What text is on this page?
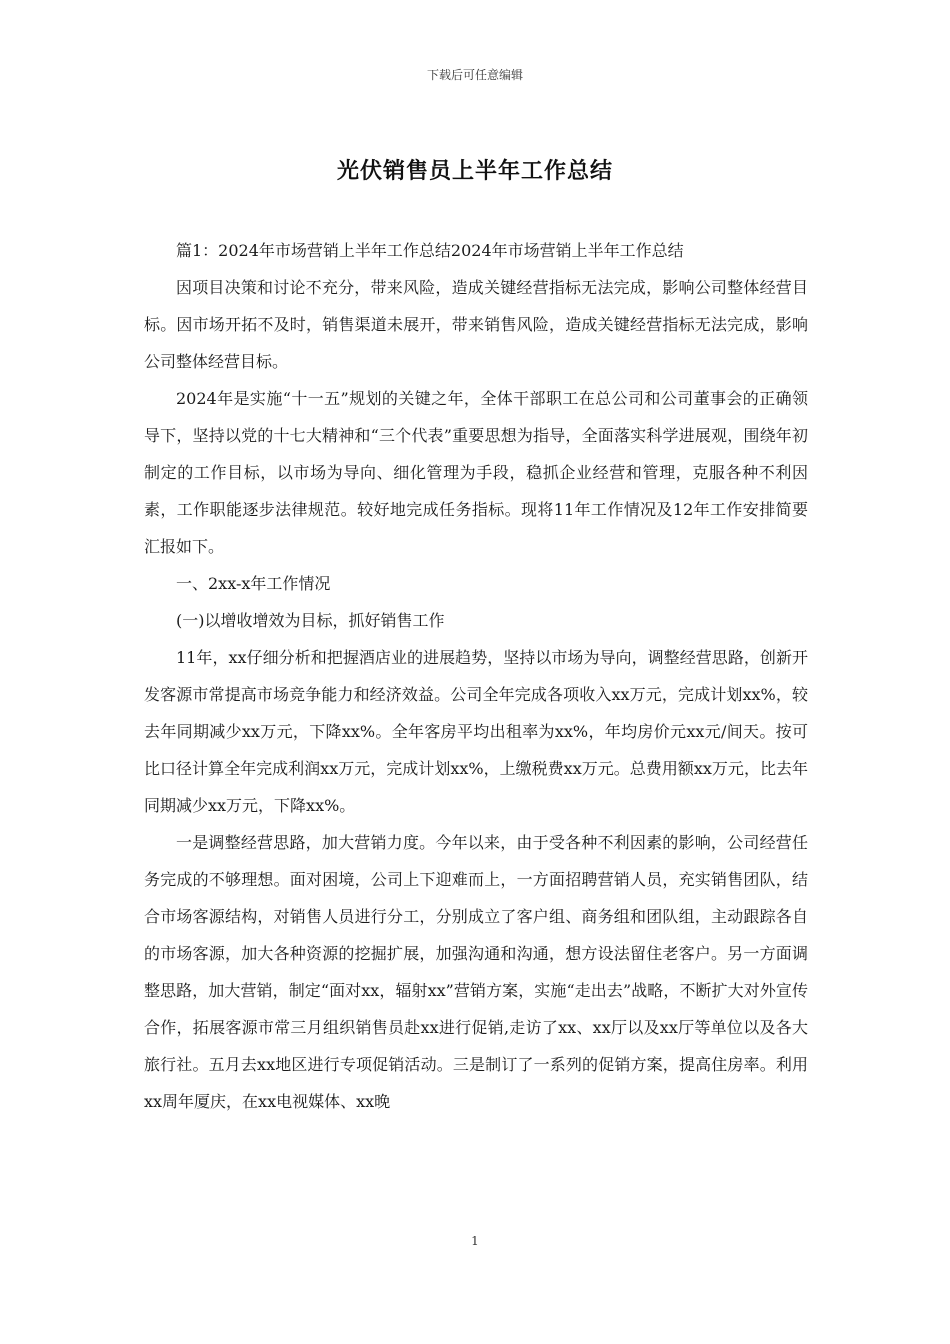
下载后可任意编辑
光伏销售员上半年工作总结

篇1：2024年市场营销上半年工作总结2024年市场营销上半年工作总结

因项目决策和讨论不充分，带来风险，造成关键经营指标无法完成，影响公司整体经营目标。因市场开拓不及时，销售渠道未展开，带来销售风险，造成关键经营指标无法完成，影响公司整体经营目标。

2024年是实施“十一五”规划的关键之年，全体干部职工在总公司和公司董事会的正确领导下，坚持以党的十七大精神和“三个代表”重要思想为指导，全面落实科学进展观，围绕年初制定的工作目标，以市场为导向、细化管理为手段，稳抓企业经营和管理，克服各种不利因素，工作职能逐步法律规范。较好地完成任务指标。现将11年工作情况及12年工作安排简要汇报如下。

一、2xx-x年工作情况

(一)以增收增效为目标，抓好销售工作

11年，xx仔细分析和把握酒店业的进展趋势，坚持以市场为导向，调整经营思路，创新开发客源市常提高市场竞争能力和经济效益。公司全年完成各项收入xx万元，完成计划xx%，较去年同期减少xx万元，下降xx%。全年客房平均出租率为xx%，年均房价元xx元/间天。按可比口径计算全年完成利润xx万元，完成计划xx%，上缴税费xx万元。总费用额xx万元，比去年同期减少xx万元，下降xx%。

一是调整经营思路，加大营销力度。今年以来，由于受各种不利因素的影响，公司经营任务完成的不够理想。面对困境，公司上下迎难而上，一方面招聘营销人员，充实销售团队，结合市场客源结构，对销售人员进行分工，分别成立了客户组、商务组和团队组，主动跟踪各自的市场客源，加大各种资源的挖掘扩展，加强沟通和沟通，想方设法留住老客户。另一方面调整思路，加大营销，制定“面对xx，辐射xx”营销方案，实施“走出去”战略，不断扩大对外宣传合作，拓展客源市常三月组织销售员赴xx进行促销,走访了xx、xx厅以及xx厅等单位以及各大旅行社。五月去xx地区进行专项促销活动。三是制订了一系列的促销方案，提高住房率。利用xx周年厦庆，在xx电视媒体、xx晚

1
